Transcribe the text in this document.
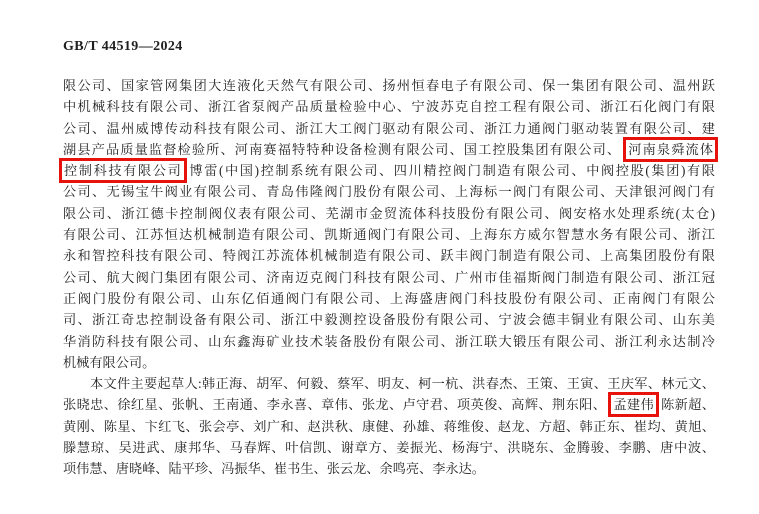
GB/T 44519—2024
限公司、国家管网集团大连液化天然气有限公司、扬州恒春电子有限公司、保一集团有限公司、温州跃
中机械科技有限公司、浙江省泵阀产品质量检验中心、宁波苏克自控工程有限公司、浙江石化阀门有限
公司、温州威博传动科技有限公司、浙江大工阀门驱动有限公司、浙江力通阀门驱动装置有限公司、建
湖县产品质量监督检验所、河南赛福特特种设备检测有限公司、国工控股集团有限公司、 河南泉舜流体
控制科技有限公司 博雷(中国)控制系统有限公司、四川精控阀门制造有限公司、中阀控股(集团)有限
公司、无锡宝牛阀业有限公司、青岛伟隆阀门股份有限公司、上海标一阀门有限公司、天津银河阀门有
限公司、浙江德卡控制阀仪表有限公司、芜湖市金贸流体科技股份有限公司、阀安格水处理系统(太仓)
有限公司、江苏恒达机械制造有限公司、凯斯通阀门有限公司、上海东方威尔智慧水务有限公司、浙江
永和智控科技有限公司、特阀江苏流体机械制造有限公司、跃丰阀门制造有限公司、上高集团股份有限
公司、航大阀门集团有限公司、济南迈克阀门科技有限公司、广州市佳福斯阀门制造有限公司、浙江冠
正阀门股份有限公司、山东亿佰通阀门有限公司、上海盛唐阀门科技股份有限公司、正南阀门有限公
司、浙江奇忠控制设备有限公司、浙江中毅测控设备股份有限公司、宁波会德丰铜业有限公司、山东美
华消防科技有限公司、山东鑫海矿业技术装备股份有限公司、浙江联大锻压有限公司、浙江利永达制冷
机械有限公司。
本文件主要起草人:韩正海、胡军、何毅、蔡军、明友、柯一杭、洪春杰、王策、王寅、王庆军、林元文、
张晓忠、徐红星、张帆、王南通、李永喜、章伟、张龙、卢守君、项英俊、高辉、荆东阳、 孟建伟 陈新超、
黄刚、陈星、卞红飞、张会亭、刘广和、赵洪秋、康健、孙雄、蒋维俊、赵龙、方超、韩正东、崔均、黄旭、
滕慧琼、吴进武、康邦华、马春辉、叶信凯、谢章方、姜振光、杨海宁、洪晓东、金腾骏、李鹏、唐中波、
项伟慧、唐晓峰、陆平珍、冯振华、崔书生、张云龙、余鸣亮、李永达。
